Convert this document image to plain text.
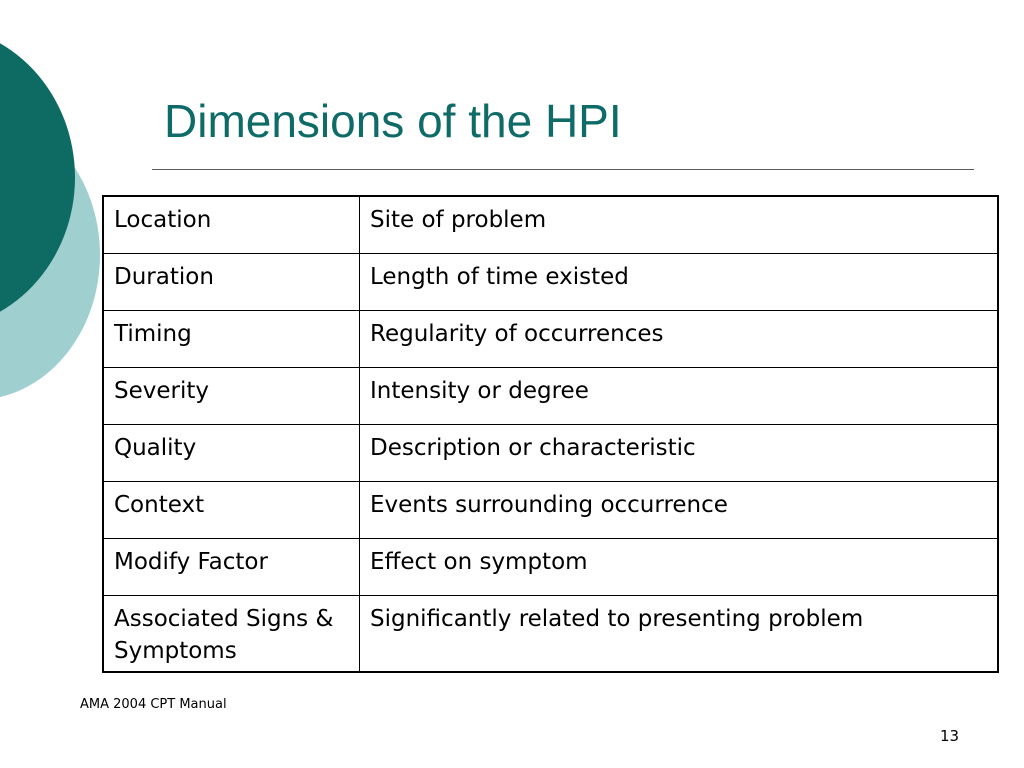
Dimensions of the HPI
Location	Site of problem
Duration	Length of time existed
Timing	Regularity of occurrences
Severity	Intensity or degree
Quality	Description or characteristic
Context	Events surrounding occurrence
Modify Factor	Effect on symptom
Associated Signs & Symptoms	Significantly related to presenting problem
AMA 2004 CPT Manual
13
